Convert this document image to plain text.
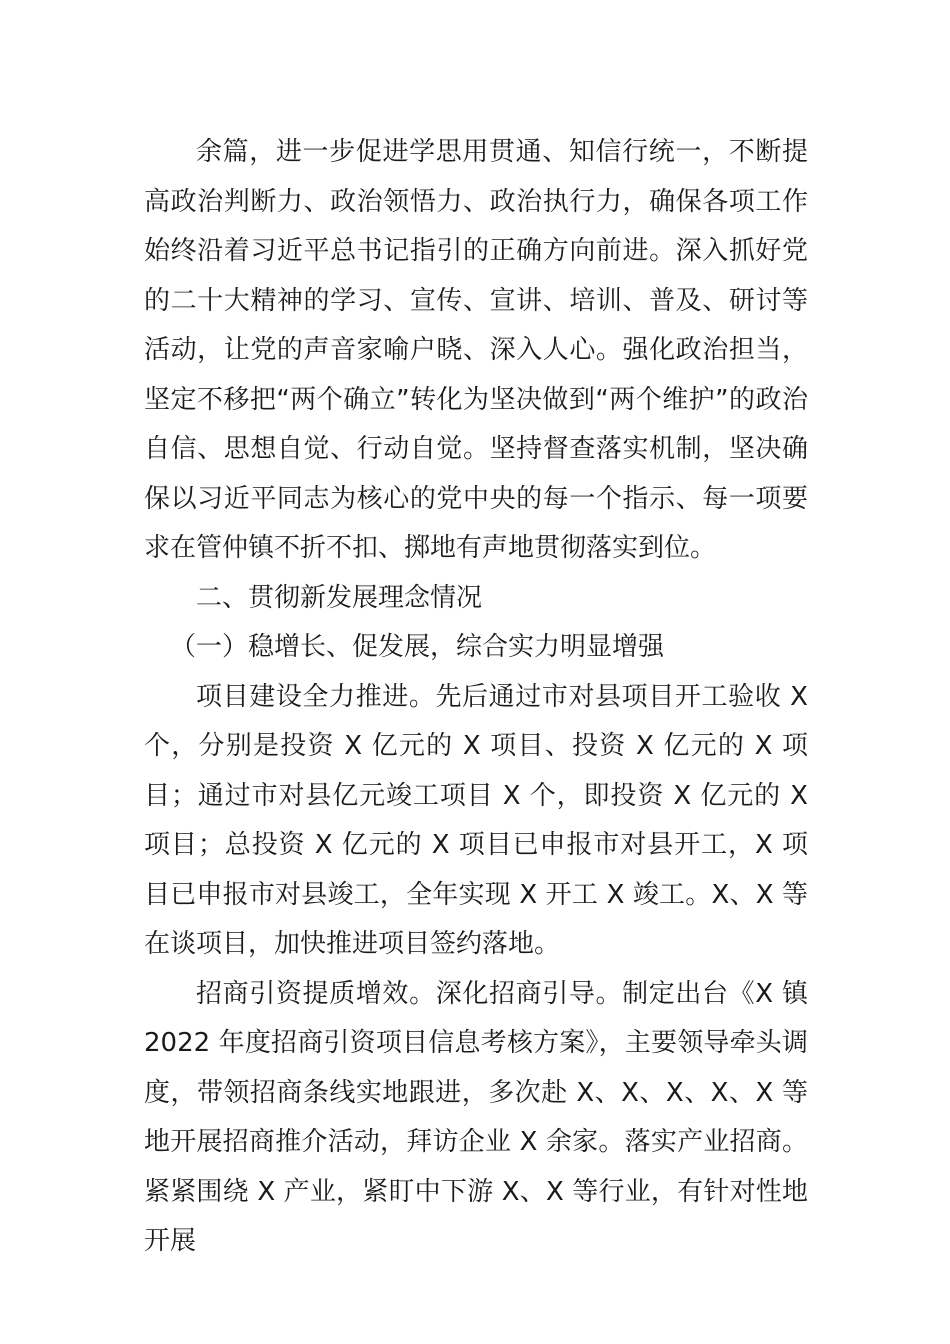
余篇，进一步促进学思用贯通、知信行统一，不断提高政治判断力、政治领悟力、政治执行力，确保各项工作始终沿着习近平总书记指引的正确方向前进。深入抓好党的二十大精神的学习、宣传、宣讲、培训、普及、研讨等活动，让党的声音家喻户晓、深入人心。强化政治担当，坚定不移把“两个确立”转化为坚决做到“两个维护”的政治自信、思想自觉、行动自觉。坚持督查落实机制，坚决确保以习近平同志为核心的党中央的每一个指示、每一项要求在管仲镇不折不扣、掷地有声地贯彻落实到位。

二、贯彻新发展理念情况

（一）稳增长、促发展，综合实力明显增强

项目建设全力推进。先后通过市对县项目开工验收 X 个，分别是投资 X 亿元的 X 项目、投资 X 亿元的 X 项目；通过市对县亿元竣工项目 X 个，即投资 X 亿元的 X 项目；总投资 X 亿元的 X 项目已申报市对县开工，X 项目已申报市对县竣工，全年实现 X 开工 X 竣工。X、X 等在谈项目，加快推进项目签约落地。

招商引资提质增效。深化招商引导。制定出台《X 镇 2022 年度招商引资项目信息考核方案》，主要领导牵头调度，带领招商条线实地跟进，多次赴 X、X、X、X、X 等地开展招商推介活动，拜访企业 X 余家。落实产业招商。紧紧围绕 X 产业，紧盯中下游 X、X 等行业，有针对性地开展
